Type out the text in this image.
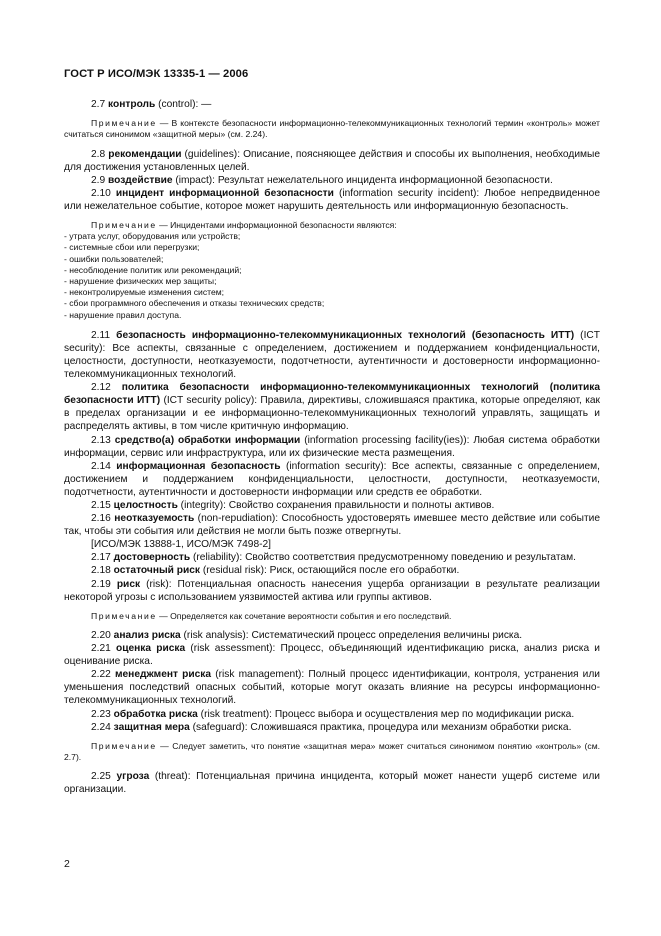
ГОСТ Р ИСО/МЭК 13335-1 — 2006

2.7 контроль (control): —

Примечание — В контексте безопасности информационно-телекоммуникационных технологий термин «контроль» может считаться синонимом «защитной меры» (см. 2.24).

2.8 рекомендации (guidelines): Описание, поясняющее действия и способы их выполнения, необходимые для достижения установленных целей.

2.9 воздействие (impact): Результат нежелательного инцидента информационной безопасности.

2.10 инцидент информационной безопасности (information security incident): Любое непредвиденное или нежелательное событие, которое может нарушить деятельность или информационную безопасность.

Примечание — Инцидентами информационной безопасности являются:

- утрата услуг, оборудования или устройств;
- системные сбои или перегрузки;
- ошибки пользователей;
- несоблюдение политик или рекомендаций;
- нарушение физических мер защиты;
- неконтролируемые изменения систем;
- сбои программного обеспечения и отказы технических средств;
- нарушение правил доступа.

2.11 безопасность информационно-телекоммуникационных технологий (безопасность ИТТ) (ICT security): Все аспекты, связанные с определением, достижением и поддержанием конфиденциальности, целостности, доступности, неотказуемости, подотчетности, аутентичности и достоверности информационно-телекоммуникационных технологий.

2.12 политика безопасности информационно-телекоммуникационных технологий (политика безопасности ИТТ) (ICT security policy): Правила, директивы, сложившаяся практика, которые определяют, как в пределах организации и ее информационно-телекоммуникационных технологий управлять, защищать и распределять активы, в том числе критичную информацию.

2.13 средство(а) обработки информации (information processing facility(ies)): Любая система обработки информации, сервис или инфраструктура, или их физические места размещения.

2.14 информационная безопасность (information security): Все аспекты, связанные с определением, достижением и поддержанием конфиденциальности, целостности, доступности, неотказуемости, подотчетности, аутентичности и достоверности информации или средств ее обработки.

2.15 целостность (integrity): Свойство сохранения правильности и полноты активов.

2.16 неотказуемость (non-repudiation): Способность удостоверять имевшее место действие или событие так, чтобы эти события или действия не могли быть позже отвергнуты.

[ИСО/МЭК 13888-1, ИСО/МЭК 7498-2]

2.17 достоверность (reliability): Свойство соответствия предусмотренному поведению и результатам.

2.18 остаточный риск (residual risk): Риск, остающийся после его обработки.

2.19 риск (risk): Потенциальная опасность нанесения ущерба организации в результате реализации некоторой угрозы с использованием уязвимостей актива или группы активов.

Примечание — Определяется как сочетание вероятности события и его последствий.

2.20 анализ риска (risk analysis): Систематический процесс определения величины риска.

2.21 оценка риска (risk assessment): Процесс, объединяющий идентификацию риска, анализ риска и оценивание риска.

2.22 менеджмент риска (risk management): Полный процесс идентификации, контроля, устранения или уменьшения последствий опасных событий, которые могут оказать влияние на ресурсы информационно-телекоммуникационных технологий.

2.23 обработка риска (risk treatment): Процесс выбора и осуществления мер по модификации риска.

2.24 защитная мера (safeguard): Сложившаяся практика, процедура или механизм обработки риска.

Примечание — Следует заметить, что понятие «защитная мера» может считаться синонимом понятию «контроль» (см. 2.7).

2.25 угроза (threat): Потенциальная причина инцидента, который может нанести ущерб системе или организации.

2
